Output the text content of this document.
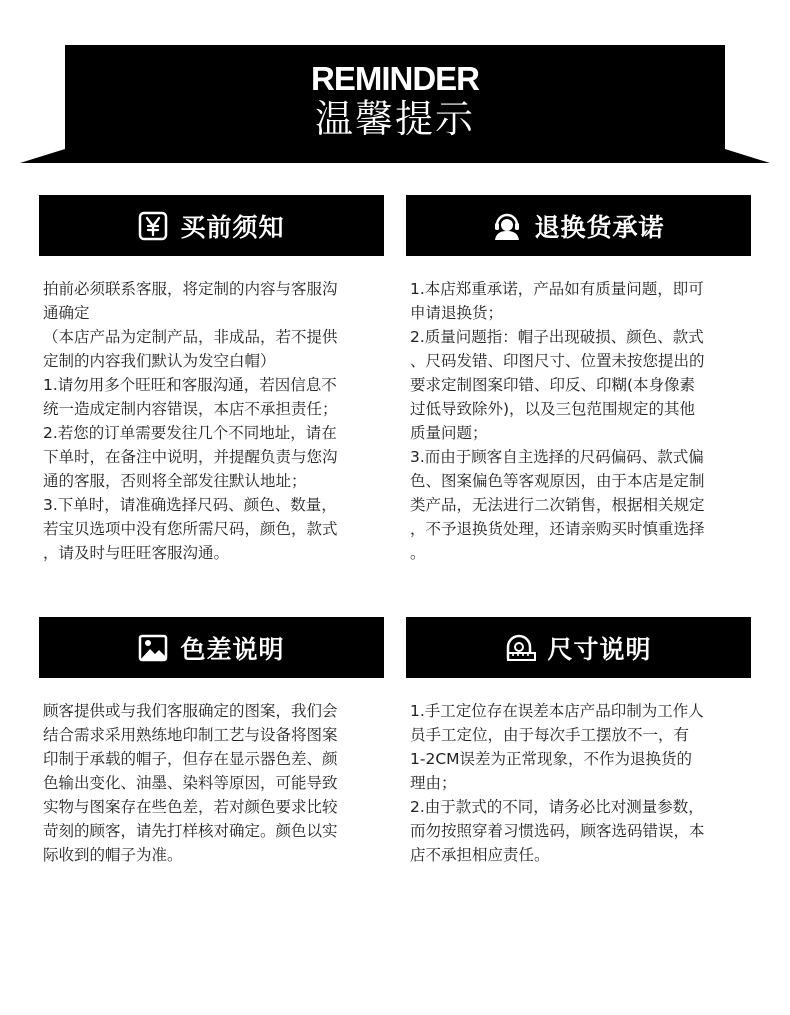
REMINDER
温馨提示
买前须知
拍前必须联系客服，将定制的内容与客服沟
通确定
（本店产品为定制产品，非成品，若不提供
定制的内容我们默认为发空白帽）
1.请勿用多个旺旺和客服沟通，若因信息不
统一造成定制内容错误，本店不承担责任；
2.若您的订单需要发往几个不同地址，请在
下单时，在备注中说明，并提醒负责与您沟
通的客服，否则将全部发往默认地址；
3.下单时，请准确选择尺码、颜色、数量，
若宝贝选项中没有您所需尺码，颜色，款式
，请及时与旺旺客服沟通。
退换货承诺
1.本店郑重承诺，产品如有质量问题，即可
申请退换货；
2.质量问题指：帽子出现破损、颜色、款式
、尺码发错、印图尺寸、位置未按您提出的
要求定制图案印错、印反、印糊(本身像素
过低导致除外)，以及三包范围规定的其他
质量问题；
3.而由于顾客自主选择的尺码偏码、款式偏
色、图案偏色等客观原因，由于本店是定制
类产品，无法进行二次销售，根据相关规定
，不予退换货处理，还请亲购买时慎重选择
。
色差说明
顾客提供或与我们客服确定的图案，我们会
结合需求采用熟练地印制工艺与设备将图案
印制于承载的帽子，但存在显示器色差、颜
色输出变化、油墨、染料等原因，可能导致
实物与图案存在些色差，若对颜色要求比较
苛刻的顾客，请先打样核对确定。颜色以实
际收到的帽子为准。
尺寸说明
1.手工定位存在误差本店产品印制为工作人
员手工定位，由于每次手工摆放不一，有
1-2CM误差为正常现象，不作为退换货的
理由；
2.由于款式的不同，请务必比对测量参数，
而勿按照穿着习惯选码，顾客选码错误，本
店不承担相应责任。
